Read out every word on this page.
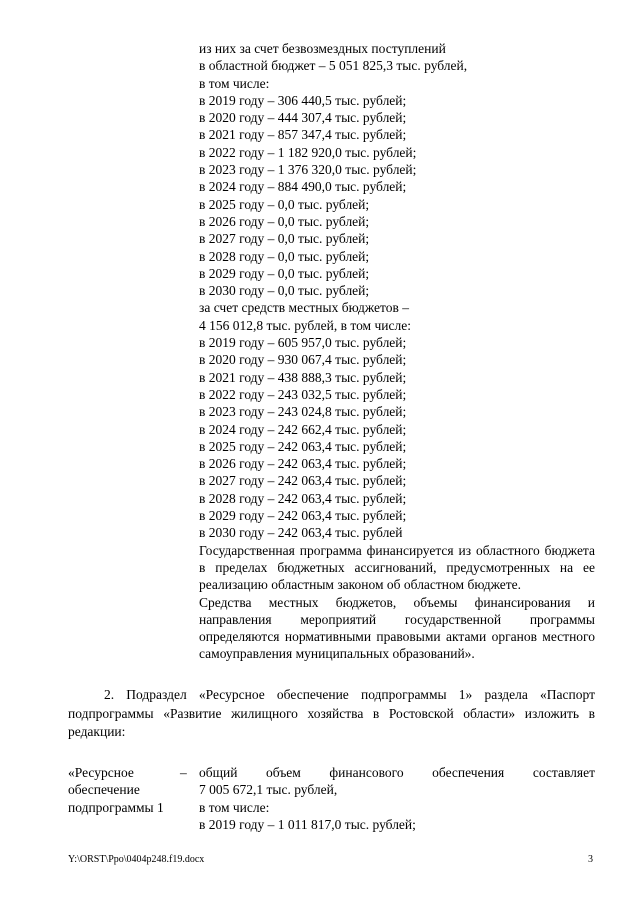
из них за счет безвозмездных поступлений
в областной бюджет – 5 051 825,3 тыс. рублей,
в том числе:
в 2019 году – 306 440,5 тыс. рублей;
в 2020 году – 444 307,4 тыс. рублей;
в 2021 году – 857 347,4 тыс. рублей;
в 2022 году – 1 182 920,0 тыс. рублей;
в 2023 году – 1 376 320,0 тыс. рублей;
в 2024 году – 884 490,0 тыс. рублей;
в 2025 году – 0,0 тыс. рублей;
в 2026 году – 0,0 тыс. рублей;
в 2027 году – 0,0 тыс. рублей;
в 2028 году – 0,0 тыс. рублей;
в 2029 году – 0,0 тыс. рублей;
в 2030 году – 0,0 тыс. рублей;
за счет средств местных бюджетов –
4 156 012,8 тыс. рублей, в том числе:
в 2019 году – 605 957,0 тыс. рублей;
в 2020 году – 930 067,4 тыс. рублей;
в 2021 году – 438 888,3 тыс. рублей;
в 2022 году – 243 032,5 тыс. рублей;
в 2023 году – 243 024,8 тыс. рублей;
в 2024 году – 242 662,4 тыс. рублей;
в 2025 году – 242 063,4 тыс. рублей;
в 2026 году – 242 063,4 тыс. рублей;
в 2027 году – 242 063,4 тыс. рублей;
в 2028 году – 242 063,4 тыс. рублей;
в 2029 году – 242 063,4 тыс. рублей;
в 2030 году – 242 063,4 тыс. рублей
Государственная программа финансируется из областного бюджета в пределах бюджетных ассигнований, предусмотренных на ее реализацию областным законом об областном бюджете.
Средства местных бюджетов, объемы финансирования и направления мероприятий государственной программы определяются нормативными правовыми актами органов местного самоуправления муниципальных образований».
2. Подраздел «Ресурсное обеспечение подпрограммы 1» раздела «Паспорт подпрограммы «Развитие жилищного хозяйства в Ростовской области» изложить в редакции:
«Ресурсное обеспечение подпрограммы 1
– общий объем финансового обеспечения составляет
7 005 672,1 тыс. рублей,
в том числе:
в 2019 году – 1 011 817,0 тыс. рублей;
Y:\ORST\Ppo\0404p248.f19.docx	3
